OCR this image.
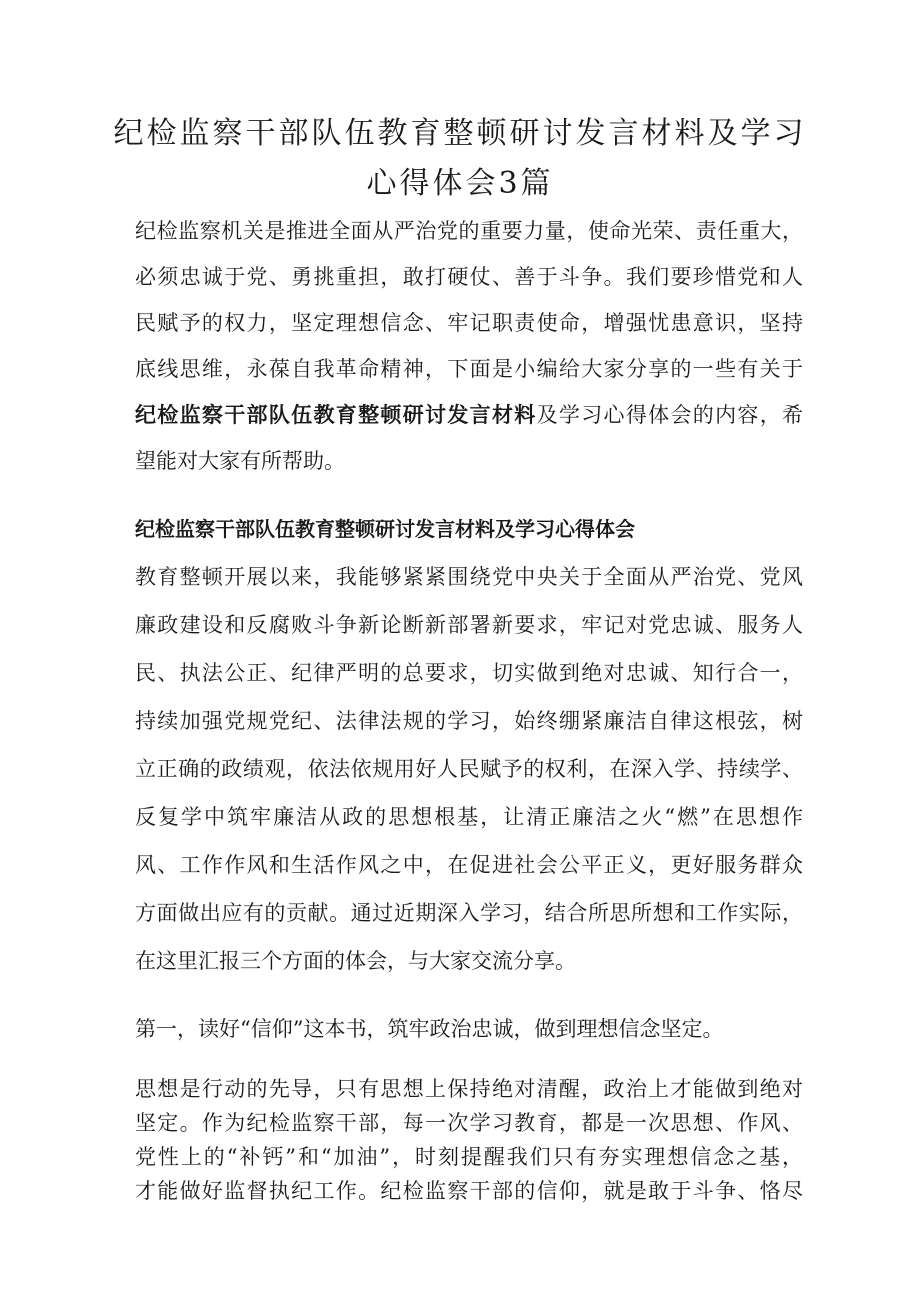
纪检监察干部队伍教育整顿研讨发言材料及学习
心得体会3篇

纪检监察机关是推进全面从严治党的重要力量，使命光荣、责任重大，

必须忠诚于党、勇挑重担，敢打硬仗、善于斗争。我们要珍惜党和人

民赋予的权力，坚定理想信念、牢记职责使命，增强忧患意识，坚持

底线思维，永葆自我革命精神，下面是小编给大家分享的一些有关于

纪检监察干部队伍教育整顿研讨发言材料及学习心得体会的内容，希

望能对大家有所帮助。

纪检监察干部队伍教育整顿研讨发言材料及学习心得体会

教育整顿开展以来，我能够紧紧围绕党中央关于全面从严治党、党风

廉政建设和反腐败斗争新论断新部署新要求，牢记对党忠诚、服务人

民、执法公正、纪律严明的总要求，切实做到绝对忠诚、知行合一，

持续加强党规党纪、法律法规的学习，始终绷紧廉洁自律这根弦，树

立正确的政绩观，依法依规用好人民赋予的权利，在深入学、持续学、

反复学中筑牢廉洁从政的思想根基，让清正廉洁之火“燃”在思想作

风、工作作风和生活作风之中，在促进社会公平正义，更好服务群众

方面做出应有的贡献。通过近期深入学习，结合所思所想和工作实际，

在这里汇报三个方面的体会，与大家交流分享。

第一，读好“信仰”这本书，筑牢政治忠诚，做到理想信念坚定。

思想是行动的先导，只有思想上保持绝对清醒，政治上才能做到绝对

坚定。作为纪检监察干部，每一次学习教育，都是一次思想、作风、

党性上的“补钙”和“加油”，时刻提醒我们只有夯实理想信念之基，

才能做好监督执纪工作。纪检监察干部的信仰，就是敢于斗争、恪尽
